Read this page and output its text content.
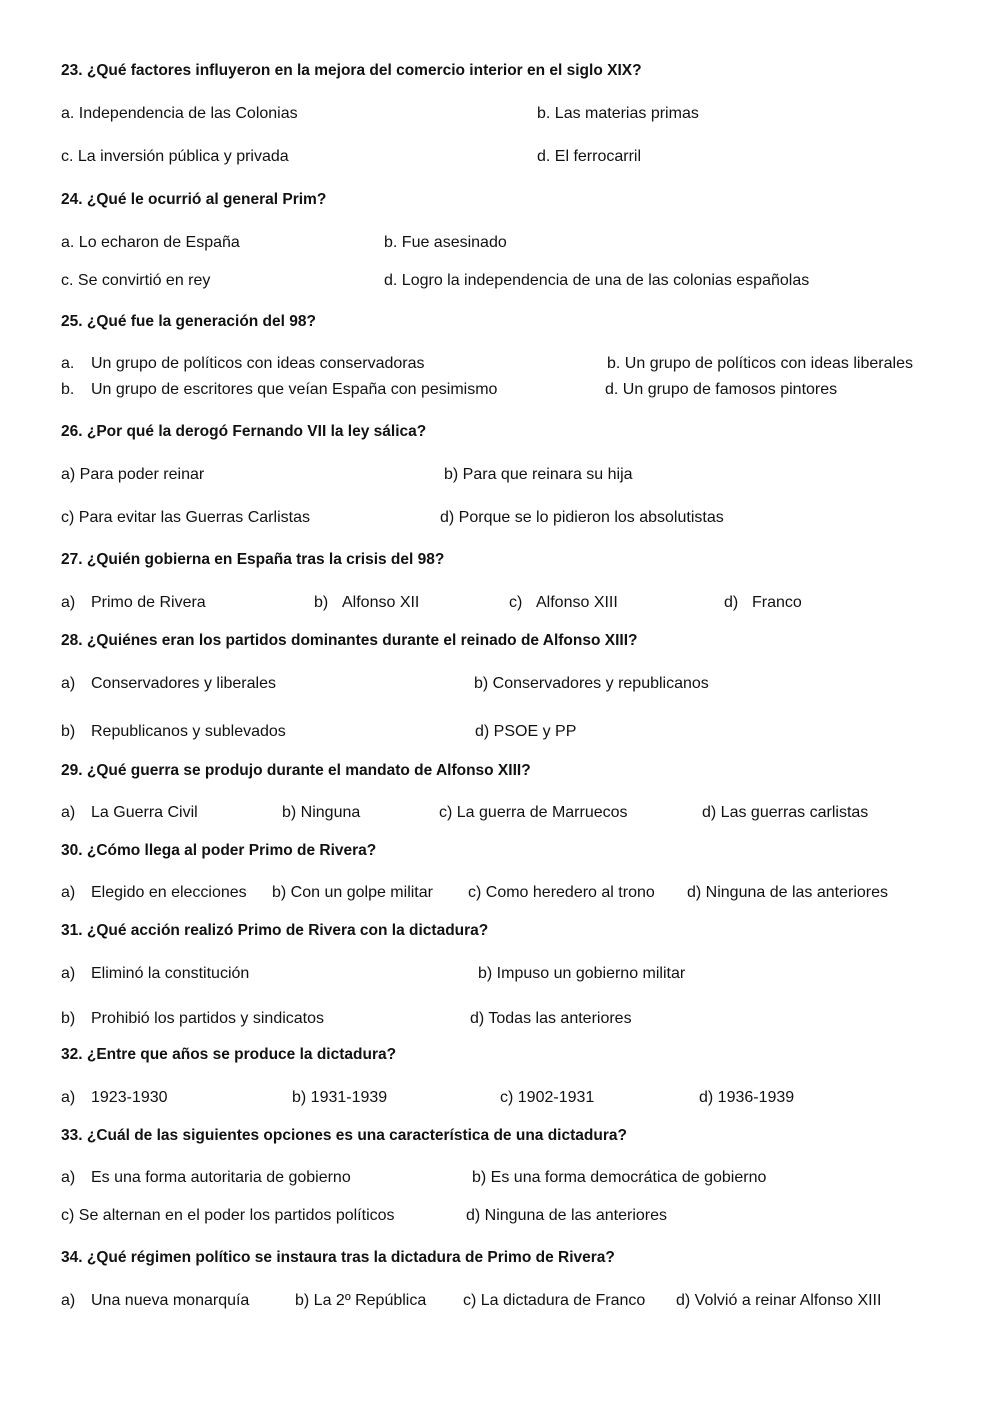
23. ¿Qué factores influyeron en la mejora del comercio interior en el siglo XIX?
a. Independencia de las Colonias	b. Las materias primas
c. La inversión pública y privada	d. El ferrocarril
24. ¿Qué le ocurrió al general Prim?
a. Lo echaron de España	b. Fue asesinado
c. Se convirtió en rey	d. Logro la independencia de una de las colonias españolas
25. ¿Qué fue la generación del 98?
a. Un grupo de políticos con ideas conservadoras	b. Un grupo de políticos con ideas liberales
b. Un grupo de escritores que veían España con pesimismo	d. Un grupo de famosos pintores
26. ¿Por qué la derogó Fernando VII la ley sálica?
a) Para poder reinar	b) Para que reinara su hija
c) Para evitar las Guerras Carlistas	d) Porque se lo pidieron los absolutistas
27. ¿Quién gobierna en España tras la crisis del 98?
a) Primo de Rivera	b) Alfonso XII	c) Alfonso XIII	d) Franco
28. ¿Quiénes eran los partidos dominantes durante el reinado de Alfonso XIII?
a) Conservadores y liberales	b) Conservadores y republicanos
b) Republicanos y sublevados	d) PSOE y PP
29. ¿Qué guerra se produjo durante el mandato de Alfonso XIII?
a) La Guerra Civil	b) Ninguna	c) La guerra de Marruecos	d) Las guerras carlistas
30. ¿Cómo llega al poder Primo de Rivera?
a) Elegido en elecciones b) Con un golpe militar c) Como heredero al trono d) Ninguna de las anteriores
31. ¿Qué acción realizó Primo de Rivera con la dictadura?
a) Eliminó la constitución	b) Impuso un gobierno militar
b) Prohibió los partidos y sindicatos	d) Todas las anteriores
32. ¿Entre que años se produce la dictadura?
a) 1923-1930	b) 1931-1939	c) 1902-1931	d) 1936-1939
33. ¿Cuál de las siguientes opciones es una característica de una dictadura?
a) Es una forma autoritaria de gobierno	b) Es una forma democrática de gobierno
c) Se alternan en el poder los partidos políticos	d) Ninguna de las anteriores
34. ¿Qué régimen político se instaura tras la dictadura de Primo de Rivera?
a) Una nueva monarquía	b) La 2º República c) La dictadura de Franco d) Volvió a reinar Alfonso XIII
